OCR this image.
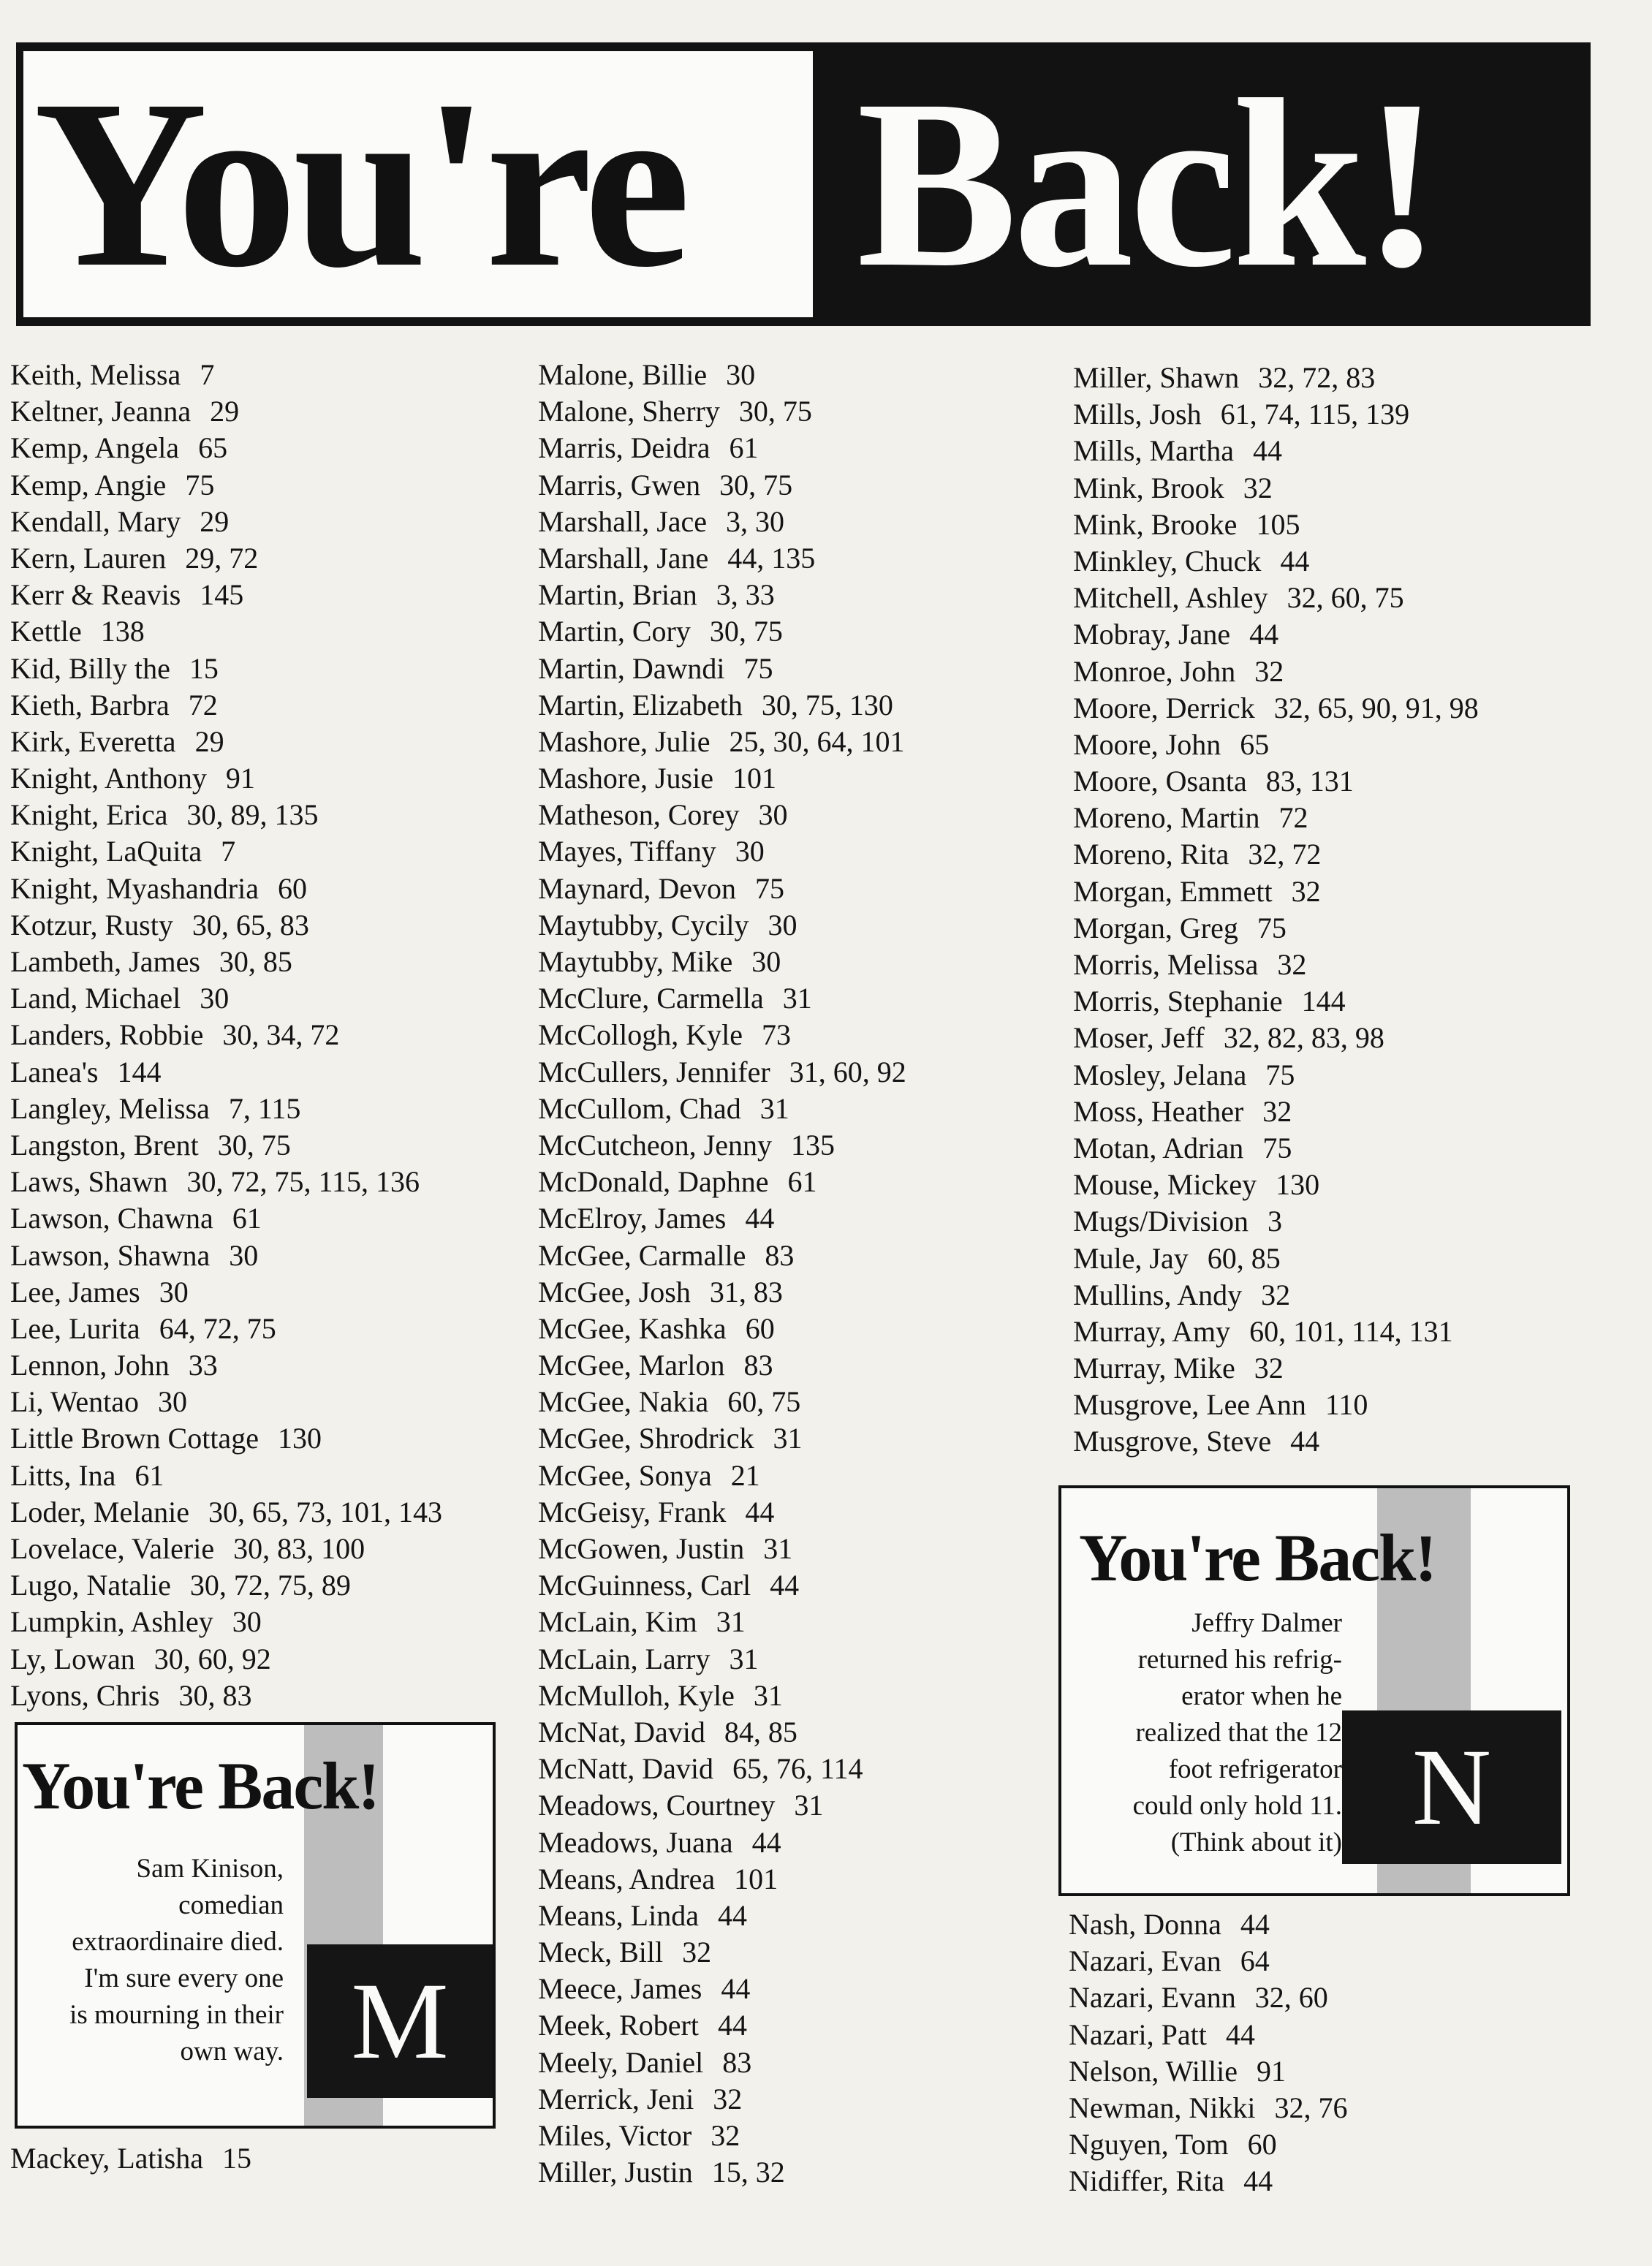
You're Back!
Keith, Melissa 7
Keltner, Jeanna 29
Kemp, Angela 65
Kemp, Angie 75
Kendall, Mary 29
Kern, Lauren 29, 72
Kerr & Reavis 145
Kettle 138
Kid, Billy the 15
Kieth, Barbra 72
Kirk, Everetta 29
Knight, Anthony 91
Knight, Erica 30, 89, 135
Knight, LaQuita 7
Knight, Myashandria 60
Kotzur, Rusty 30, 65, 83
Lambeth, James 30, 85
Land, Michael 30
Landers, Robbie 30, 34, 72
Lanea's 144
Langley, Melissa 7, 115
Langston, Brent 30, 75
Laws, Shawn 30, 72, 75, 115, 136
Lawson, Chawna 61
Lawson, Shawna 30
Lee, James 30
Lee, Lurita 64, 72, 75
Lennon, John 33
Li, Wentao 30
Little Brown Cottage 130
Litts, Ina 61
Loder, Melanie 30, 65, 73, 101, 143
Lovelace, Valerie 30, 83, 100
Lugo, Natalie 30, 72, 75, 89
Lumpkin, Ashley 30
Ly, Lowan 30, 60, 92
Lyons, Chris 30, 83
Mackey, Latisha 15
Malone, Billie 30
Malone, Sherry 30, 75
Marris, Deidra 61
Marris, Gwen 30, 75
Marshall, Jace 3, 30
Marshall, Jane 44, 135
Martin, Brian 3, 33
Martin, Cory 30, 75
Martin, Dawndi 75
Martin, Elizabeth 30, 75, 130
Mashore, Julie 25, 30, 64, 101
Mashore, Jusie 101
Matheson, Corey 30
Mayes, Tiffany 30
Maynard, Devon 75
Maytubby, Cycily 30
Maytubby, Mike 30
McClure, Carmella 31
McCollogh, Kyle 73
McCullers, Jennifer 31, 60, 92
McCullom, Chad 31
McCutcheon, Jenny 135
McDonald, Daphne 61
McElroy, James 44
McGee, Carmalle 83
McGee, Josh 31, 83
McGee, Kashka 60
McGee, Marlon 83
McGee, Nakia 60, 75
McGee, Shrodrick 31
McGee, Sonya 21
McGeisy, Frank 44
McGowen, Justin 31
McGuinness, Carl 44
McLain, Kim 31
McLain, Larry 31
McMulloh, Kyle 31
McNat, David 84, 85
McNatt, David 65, 76, 114
Meadows, Courtney 31
Meadows, Juana 44
Means, Andrea 101
Means, Linda 44
Meck, Bill 32
Meece, James 44
Meek, Robert 44
Meely, Daniel 83
Merrick, Jeni 32
Miles, Victor 32
Miller, Justin 15, 32
Miller, Shawn 32, 72, 83
Mills, Josh 61, 74, 115, 139
Mills, Martha 44
Mink, Brook 32
Mink, Brooke 105
Minkley, Chuck 44
Mitchell, Ashley 32, 60, 75
Mobray, Jane 44
Monroe, John 32
Moore, Derrick 32, 65, 90, 91, 98
Moore, John 65
Moore, Osanta 83, 131
Moreno, Martin 72
Moreno, Rita 32, 72
Morgan, Emmett 32
Morgan, Greg 75
Morris, Melissa 32
Morris, Stephanie 144
Moser, Jeff 32, 82, 83, 98
Mosley, Jelana 75
Moss, Heather 32
Motan, Adrian 75
Mouse, Mickey 130
Mugs/Division 3
Mule, Jay 60, 85
Mullins, Andy 32
Murray, Amy 60, 101, 114, 131
Murray, Mike 32
Musgrove, Lee Ann 110
Musgrove, Steve 44
Nash, Donna 44
Nazari, Evan 64
Nazari, Evann 32, 60
Nazari, Patt 44
Nelson, Willie 91
Newman, Nikki 32, 76
Nguyen, Tom 60
Nidiffer, Rita 44
You're Back!

Sam Kinison,
comedian
extraordinaire died.
I'm sure every one
is mourning in their
own way. M
You're Back!

Jeffry Dalmer
returned his refrig-
erator when he
realized that the 12
foot refrigerator
could only hold 11.
(Think about it) N
